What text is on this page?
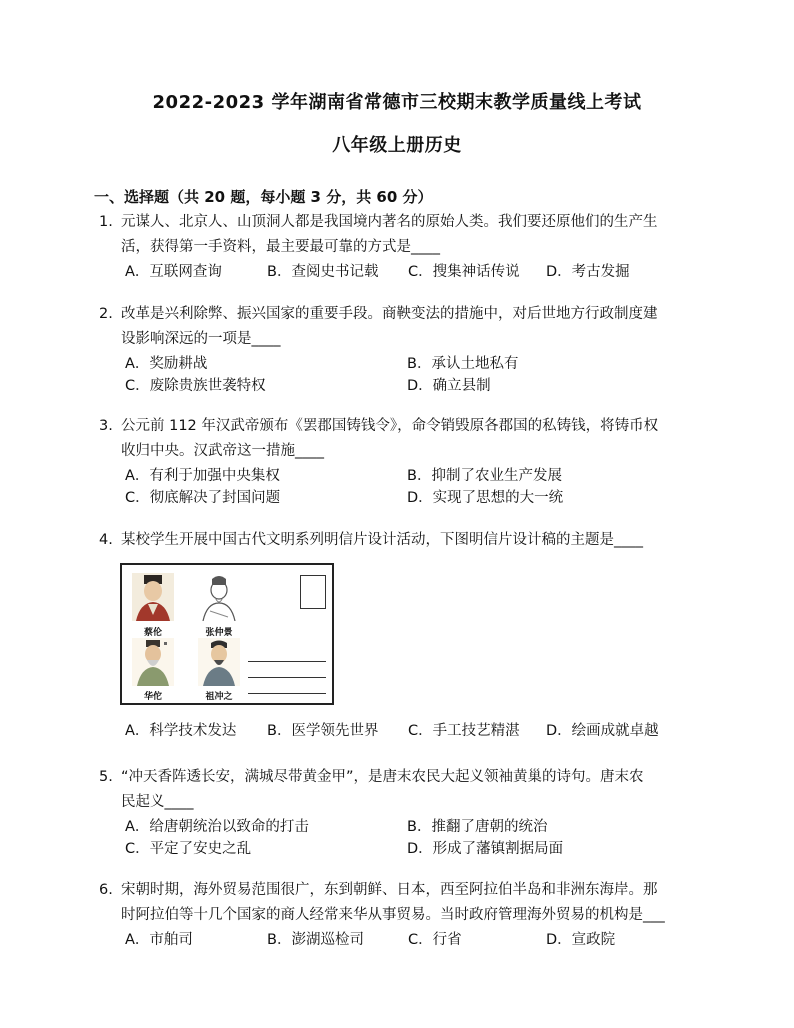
2022-2023 学年湖南省常德市三校期末教学质量线上考试
八年级上册历史
一、选择题（共 20 题，每小题 3 分，共 60 分）
1. 元谋人、北京人、山顶洞人都是我国境内著名的原始人类。我们要还原他们的生产生
活，获得第一手资料，最主要最可靠的方式是____
A．互联网查询	B．查阅史书记载 C．搜集神话传说 D．考古发掘
2. 改革是兴利除弊、振兴国家的重要手段。商鞅变法的措施中，对后世地方行政制度建
设影响深远的一项是____
A．奖励耕战	B．承认土地私有
C．废除贵族世袭特权	D．确立县制
3. 公元前 112 年汉武帝颁布《罢郡国铸钱令》，命令销毁原各郡国的私铸钱，将铸币权
收归中央。汉武帝这一措施____
A．有利于加强中央集权	B．抑制了农业生产发展
C．彻底解决了封国问题	D．实现了思想的大一统
4. 某校学生开展中国古代文明系列明信片设计活动，下图明信片设计稿的主题是____
蔡伦	张仲景
华佗	祖冲之
A．科学技术发达 B．医学领先世界 C．手工技艺精湛 D．绘画成就卓越
5. “冲天香阵透长安，满城尽带黄金甲”，是唐末农民大起义领袖黄巢的诗句。唐末农
民起义____
A．给唐朝统治以致命的打击	B．推翻了唐朝的统治
C．平定了安史之乱	D．形成了藩镇割据局面
6. 宋朝时期，海外贸易范围很广，东到朝鲜、日本，西至阿拉伯半岛和非洲东海岸。那
时阿拉伯等十几个国家的商人经常来华从事贸易。当时政府管理海外贸易的机构是___
A．市舶司	B．澎湖巡检司	C．行省	D．宣政院
